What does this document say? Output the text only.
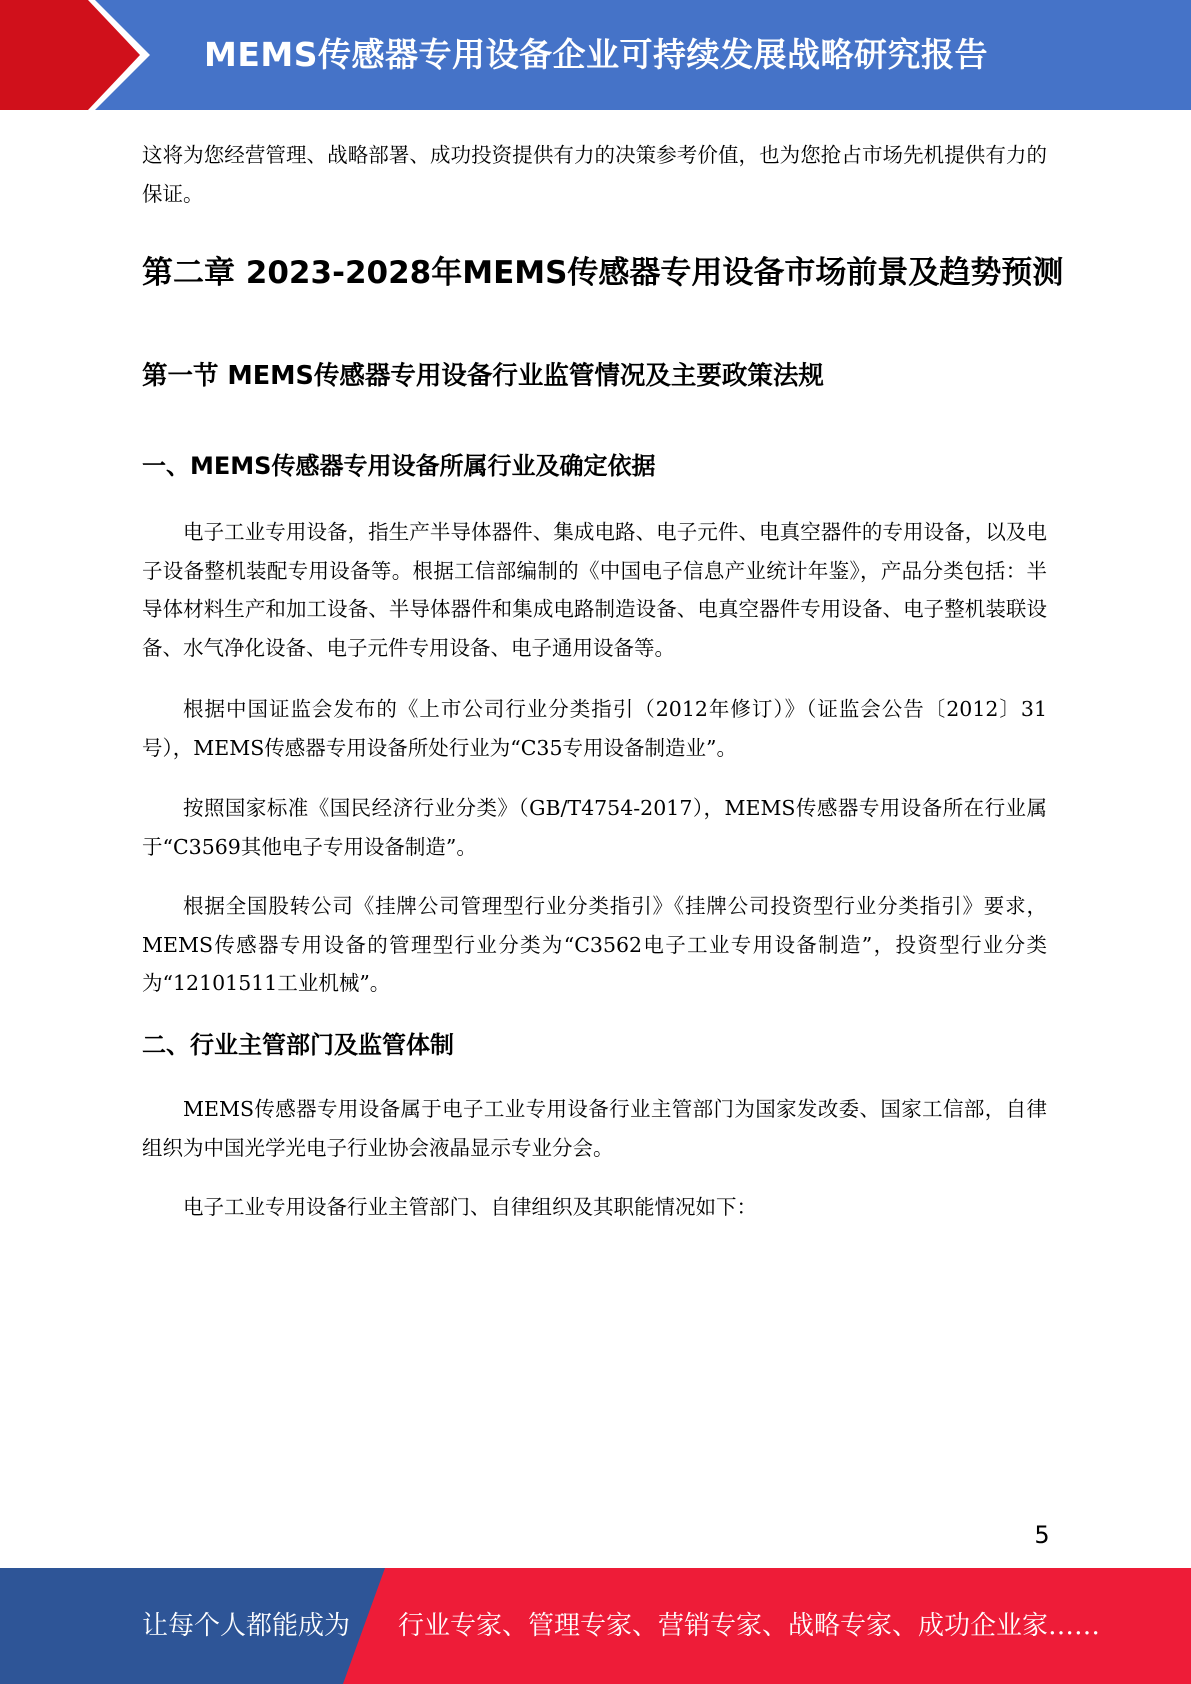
MEMS传感器专用设备企业可持续发展战略研究报告

这将为您经营管理、战略部署、成功投资提供有力的决策参考价值，也为您抢占市场先机提供有力的保证。

第二章 2023-2028年MEMS传感器专用设备市场前景及趋势预测
第一节 MEMS传感器专用设备行业监管情况及主要政策法规
一、MEMS传感器专用设备所属行业及确定依据

电子工业专用设备，指生产半导体器件、集成电路、电子元件、电真空器件的专用设备，以及电子设备整机装配专用设备等。根据工信部编制的《中国电子信息产业统计年鉴》，产品分类包括：半导体材料生产和加工设备、半导体器件和集成电路制造设备、电真空器件专用设备、电子整机装联设备、水气净化设备、电子元件专用设备、电子通用设备等。

根据中国证监会发布的《上市公司行业分类指引（2012年修订）》（证监会公告〔2012〕31号），MEMS传感器专用设备所处行业为“C35专用设备制造业”。

按照国家标准《国民经济行业分类》（GB/T4754-2017），MEMS传感器专用设备所在行业属于“C3569其他电子专用设备制造”。

根据全国股转公司《挂牌公司管理型行业分类指引》《挂牌公司投资型行业分类指引》要求，MEMS传感器专用设备的管理型行业分类为“C3562电子工业专用设备制造”，投资型行业分类为“12101511工业机械”。

二、行业主管部门及监管体制

MEMS传感器专用设备属于电子工业专用设备行业主管部门为国家发改委、国家工信部，自律组织为中国光学光电子行业协会液晶显示专业分会。

电子工业专用设备行业主管部门、自律组织及其职能情况如下：

5
让每个人都能成为 行业专家、管理专家、营销专家、战略专家、成功企业家……
